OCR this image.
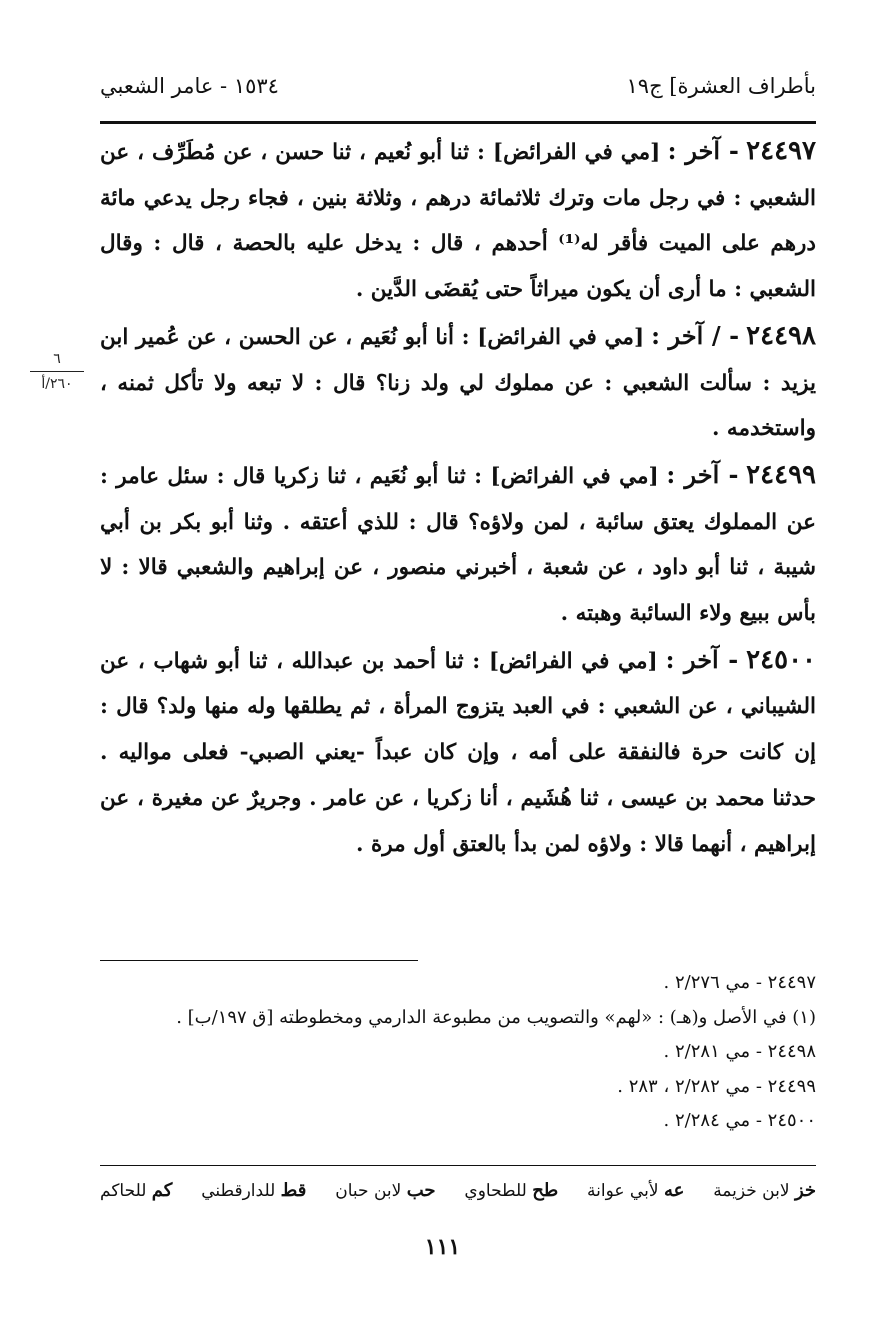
بأطراف العشرة] ج١٩
١٥٣٤ - عامر الشعبي
٦
٢٦٠/أ

٢٤٤٩٧ - آخر : [مي في الفرائض] : ثنا أبو نُعيم ، ثنا حسن ، عن مُطَرِّف ، عن الشعبي : في رجل مات وترك ثلاثمائة درهم ، وثلاثة بنين ، فجاء رجل يدعي مائة درهم على الميت فأقر له⁽¹⁾ أحدهم ، قال : يدخل عليه بالحصة ، قال : وقال الشعبي : ما أرى أن يكون ميراثاً حتى يُقضَى الدَّين .

٢٤٤٩٨ - / آخر : [مي في الفرائض] : أنا أبو نُعَيم ، عن الحسن ، عن عُمير ابن يزيد : سألت الشعبي : عن مملوك لي ولد زنا؟ قال : لا تبعه ولا تأكل ثمنه ، واستخدمه .

٢٤٤٩٩ - آخر : [مي في الفرائض] : ثنا أبو نُعَيم ، ثنا زكريا قال : سئل عامر : عن المملوك يعتق سائبة ، لمن ولاؤه؟ قال : للذي أعتقه . وثنا أبو بكر بن أبي شيبة ، ثنا أبو داود ، عن شعبة ، أخبرني منصور ، عن إبراهيم والشعبي قالا : لا بأس ببيع ولاء السائبة وهبته .

٢٤٥٠٠ - آخر : [مي في الفرائض] : ثنا أحمد بن عبدالله ، ثنا أبو شهاب ، عن الشيباني ، عن الشعبي : في العبد يتزوج المرأة ، ثم يطلقها وله منها ولد؟ قال : إن كانت حرة فالنفقة على أمه ، وإن كان عبداً -يعني الصبي- فعلى مواليه . حدثنا محمد بن عيسى ، ثنا هُشَيم ، أنا زكريا ، عن عامر . وجريرٌ عن مغيرة ، عن إبراهيم ، أنهما قالا : ولاؤه لمن بدأ بالعتق أول مرة .

٢٤٤٩٧ - مي ٢/٢٧٦ .
(١) في الأصل و(هـ) : «لهم» والتصويب من مطبوعة الدارمي ومخطوطته [ق ١٩٧/ب] .
٢٤٤٩٨ - مي ٢/٢٨١ .
٢٤٤٩٩ - مي ٢/٢٨٢ ، ٢٨٣ .
٢٤٥٠٠ - مي ٢/٢٨٤ .
خز لابن خزيمة
عه لأبي عوانة
طح للطحاوي
حب لابن حبان
قط للدارقطني
كم للحاكم
١١١
